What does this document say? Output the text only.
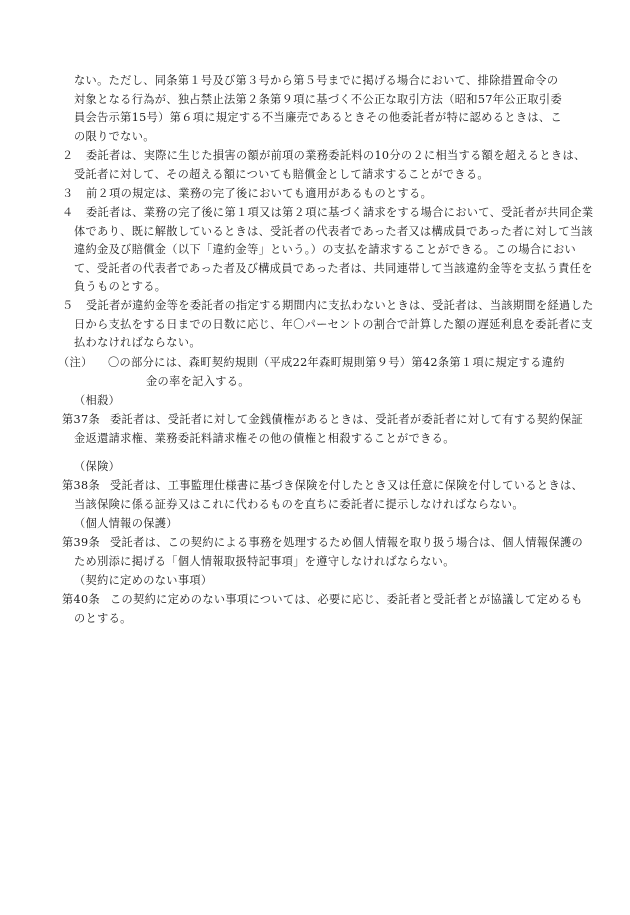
ない。ただし、同条第１号及び第３号から第５号までに掲げる場合において、排除措置命令の
対象となる行為が、独占禁止法第２条第９項に基づく不公正な取引方法（昭和57年公正取引委
員会告示第15号）第６項に規定する不当廉売であるときその他委託者が特に認めるときは、こ
の限りでない。
２ 委託者は、実際に生じた損害の額が前項の業務委託料の10分の２に相当する額を超えるときは、受託者に対して、その超える額についても賠償金として請求することができる。
３ 前２項の規定は、業務の完了後においても適用があるものとする。
４ 委託者は、業務の完了後に第１項又は第２項に基づく請求をする場合において、受託者が共同企業体であり、既に解散しているときは、受託者の代表者であった者又は構成員であった者に対して当該違約金及び賠償金（以下「違約金等」という。）の支払を請求することができる。この場合において、受託者の代表者であった者及び構成員であった者は、共同連帯して当該違約金等を支払う責任を負うものとする。
５ 受託者が違約金等を委託者の指定する期間内に支払わないときは、受託者は、当該期間を経過した日から支払をする日までの日数に応じ、年〇パーセントの割合で計算した額の遅延利息を委託者に支払わなければならない。
（注） 〇の部分には、森町契約規則（平成22年森町規則第９号）第42条第１項に規定する違約
金の率を記入する。
（相殺）
第37条 委託者は、受託者に対して金銭債権があるときは、受託者が委託者に対して有する契約保証金返還請求権、業務委託料請求権その他の債権と相殺することができる。
（保険）
第38条 受託者は、工事監理仕様書に基づき保険を付したとき又は任意に保険を付しているときは、当該保険に係る証券又はこれに代わるものを直ちに委託者に提示しなければならない。
（個人情報の保護）
第39条 受託者は、この契約による事務を処理するため個人情報を取り扱う場合は、個人情報保護のため別添に掲げる「個人情報取扱特記事項」を遵守しなければならない。
（契約に定めのない事項）
第40条 この契約に定めのない事項については、必要に応じ、委託者と受託者とが協議して定めるものとする。
